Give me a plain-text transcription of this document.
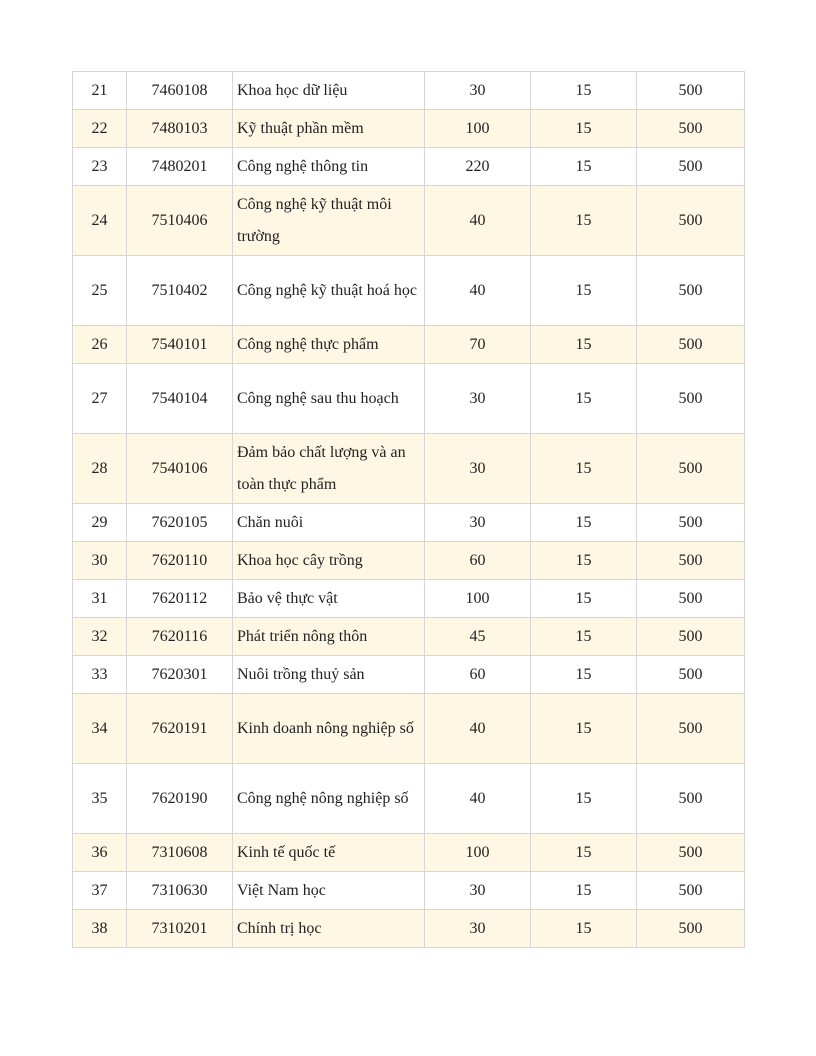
21	7460108	Khoa học dữ liệu	30	15	500
22	7480103	Kỹ thuật phần mềm	100	15	500
23	7480201	Công nghệ thông tin	220	15	500
24	7510406	Công nghệ kỹ thuật môi trường	40	15	500
25	7510402	Công nghệ kỹ thuật hoá học	40	15	500
26	7540101	Công nghệ thực phẩm	70	15	500
27	7540104	Công nghệ sau thu hoạch	30	15	500
28	7540106	Đảm bảo chất lượng và an toàn thực phẩm	30	15	500
29	7620105	Chăn nuôi	30	15	500
30	7620110	Khoa học cây trồng	60	15	500
31	7620112	Bảo vệ thực vật	100	15	500
32	7620116	Phát triển nông thôn	45	15	500
33	7620301	Nuôi trồng thuỷ sản	60	15	500
34	7620191	Kinh doanh nông nghiệp số	40	15	500
35	7620190	Công nghệ nông nghiệp số	40	15	500
36	7310608	Kinh tế quốc tế	100	15	500
37	7310630	Việt Nam học	30	15	500
38	7310201	Chính trị học	30	15	500
